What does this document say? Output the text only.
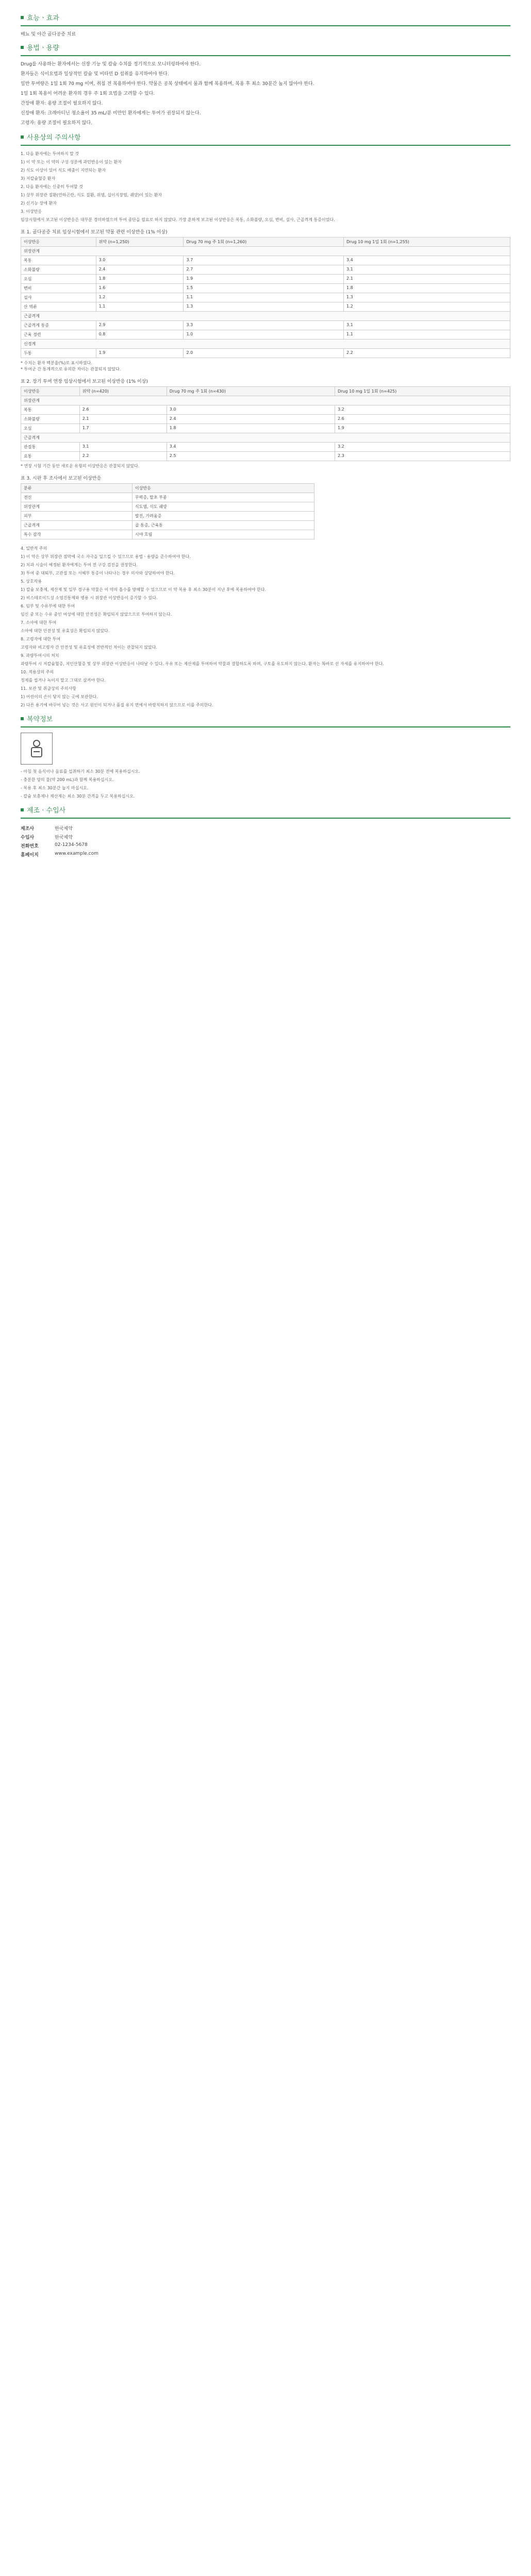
효능ㆍ효과

배뇨 및 야간 골다공증 치료

용법ㆍ용량

Drug를 사용하는 환자에서는 신장 기능 및 칼슘 수치를 정기적으로 모니터링하여야 한다.

환자들은 식이요법과 일상적인 칼슘 및 비타민 D 섭취를 유지하여야 한다.

일반 투여량은 1일 1회 70 mg 이며, 취침 전 복용하여야 한다. 약물은 공복 상태에서 물과 함께 복용하며, 복용 후 최소 30분간 눕지 않아야 한다.

1일 1회 복용이 어려운 환자의 경우 주 1회 요법을 고려할 수 있다.

간장애 환자: 용량 조절이 필요하지 않다.

신장애 환자: 크레아티닌 청소율이 35 mL/분 미만인 환자에게는 투여가 권장되지 않는다.

고령자: 용량 조절이 필요하지 않다.

사용상의 주의사항

1. 다음 환자에는 투여하지 말 것

1) 이 약 또는 이 약의 구성 성분에 과민반응이 있는 환자

2) 식도 이상이 있어 식도 배출이 지연되는 환자

3) 저칼슘혈증 환자

2. 다음 환자에는 신중히 투여할 것

1) 상부 위장관 질환(연하곤란, 식도 질환, 위염, 십이지장염, 궤양)이 있는 환자

2) 신기능 장애 환자

3. 이상반응

임상시험에서 보고된 이상반응은 대부분 경미하였으며 투여 중단을 필요로 하지 않았다. 가장 흔하게 보고된 이상반응은 복통, 소화불량, 오심, 변비, 설사, 근골격계 통증이었다.

표 1. 골다공증 치료 임상시험에서 보고된 약물 관련 이상반응 (1% 이상)

이상반응	위약 (n=1,250)	Drug 70 mg 주 1회 (n=1,260)	Drug 10 mg 1일 1회 (n=1,255)
위장관계			
복통	3.0	3.7	3.4
소화불량	2.4	2.7	3.1
오심	1.8	1.9	2.1
변비	1.6	1.5	1.8
설사	1.2	1.1	1.3
산 역류	1.1	1.3	1.2
근골격계			
근골격계 통증	2.9	3.3	3.1
근육 경련	0.8	1.0	1.1
신경계			
두통	1.9	2.0	2.2

* 수치는 환자 백분율(%)로 표시하였다.

* 투여군 간 통계적으로 유의한 차이는 관찰되지 않았다.

표 2. 장기 투여 연장 임상시험에서 보고된 이상반응 (1% 이상)

이상반응	위약 (n=420)	Drug 70 mg 주 1회 (n=430)	Drug 10 mg 1일 1회 (n=425)
위장관계			
복통	2.6	3.0	3.2
소화불량	2.1	2.4	2.6
오심	1.7	1.8	1.9
근골격계			
관절통	3.1	3.4	3.2
요통	2.2	2.5	2.3

* 연장 시험 기간 동안 새로운 유형의 이상반응은 관찰되지 않았다.

표 3. 시판 후 조사에서 보고된 이상반응

분류	이상반응
전신	무력증, 말초 부종
위장관계	식도염, 식도 궤양
피부	발진, 가려움증
근골격계	골 통증, 근육통
특수 감각	시야 흐림

4. 일반적 주의

1) 이 약은 상부 위장관 점막에 국소 자극을 일으킬 수 있으므로 용법ㆍ용량을 준수하여야 한다.

2) 치과 시술이 예정된 환자에게는 투여 전 구강 검진을 권장한다.

3) 투여 중 대퇴부, 고관절 또는 서혜부 통증이 나타나는 경우 의사와 상담하여야 한다.

5. 상호작용

1) 칼슘 보충제, 제산제 및 일부 경구용 약물은 이 약의 흡수를 방해할 수 있으므로 이 약 복용 후 최소 30분이 지난 후에 복용하여야 한다.

2) 비스테로이드성 소염진통제와 병용 시 위장관 이상반응이 증가할 수 있다.

6. 임부 및 수유부에 대한 투여

임신 중 또는 수유 중인 여성에 대한 안전성은 확립되지 않았으므로 투여하지 않는다.

7. 소아에 대한 투여

소아에 대한 안전성 및 유효성은 확립되지 않았다.

8. 고령자에 대한 투여

고령자와 비고령자 간 안전성 및 유효성에 전반적인 차이는 관찰되지 않았다.

9. 과량투여시의 처치

과량투여 시 저칼슘혈증, 저인산혈증 및 상부 위장관 이상반응이 나타날 수 있다. 우유 또는 제산제를 투여하여 약물과 결합하도록 하며, 구토를 유도하지 않는다. 환자는 똑바로 선 자세를 유지하여야 한다.

10. 적용상의 주의

정제를 씹거나 녹이지 말고 그대로 삼켜야 한다.

11. 보관 및 취급상의 주의사항

1) 어린이의 손이 닿지 않는 곳에 보관한다.

2) 다른 용기에 바꾸어 넣는 것은 사고 원인이 되거나 품질 유지 면에서 바람직하지 않으므로 이를 주의한다.

복약정보

- 아침 첫 음식이나 음료를 섭취하기 최소 30분 전에 복용하십시오.

- 충분한 양의 물(약 200 mL)과 함께 복용하십시오.

- 복용 후 최소 30분간 눕지 마십시오.

- 칼슘 보충제나 제산제는 최소 30분 간격을 두고 복용하십시오.

제조 · 수입사
제조사	한국제약
수입사	한국제약
전화번호	02-1234-5678
홈페이지	www.example.com
